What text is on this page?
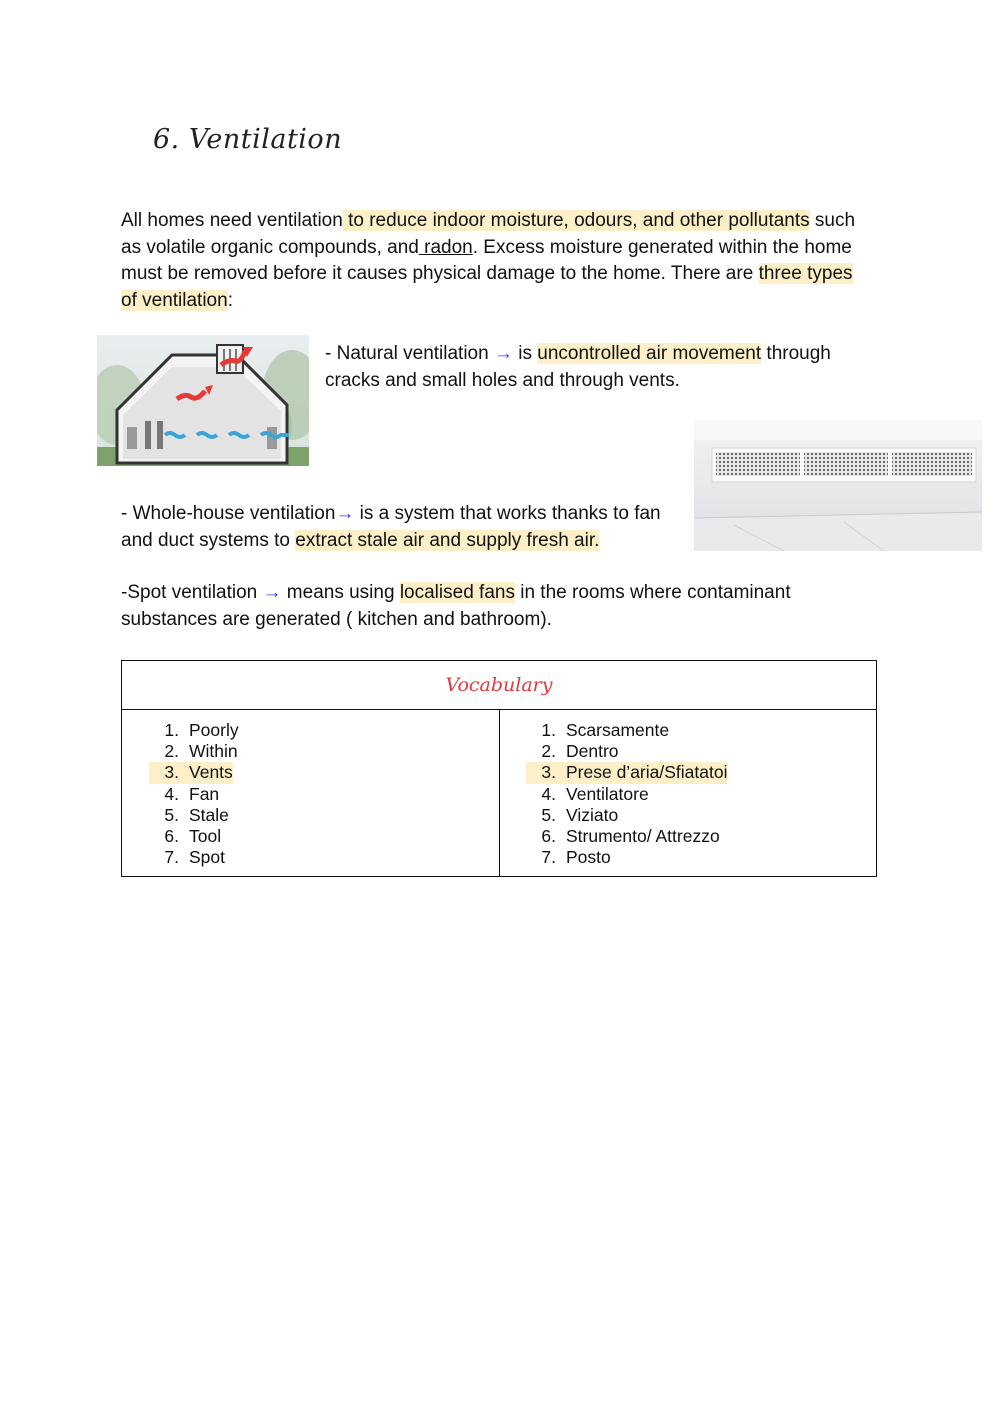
6. Ventilation
All homes need ventilation to reduce indoor moisture, odours, and other pollutants such as volatile organic compounds, and radon. Excess moisture generated within the home must be removed before it causes physical damage to the home. There are three types of ventilation:
- Natural ventilation → is uncontrolled air movement through cracks and small holes and through vents.
- Whole-house ventilation→ is a system that works thanks to fan and duct systems to extract stale air and supply fresh air.
-Spot ventilation → means using localised fans in the rooms where contaminant substances are generated ( kitchen and bathroom).
Vocabulary
1. Poorly
2. Within
3. Vents
4. Fan
5. Stale
6. Tool
7. Spot
1. Scarsamente
2. Dentro
3. Prese d’aria/Sfiatatoi
4. Ventilatore
5. Viziato
6. Strumento/ Attrezzo
7. Posto
